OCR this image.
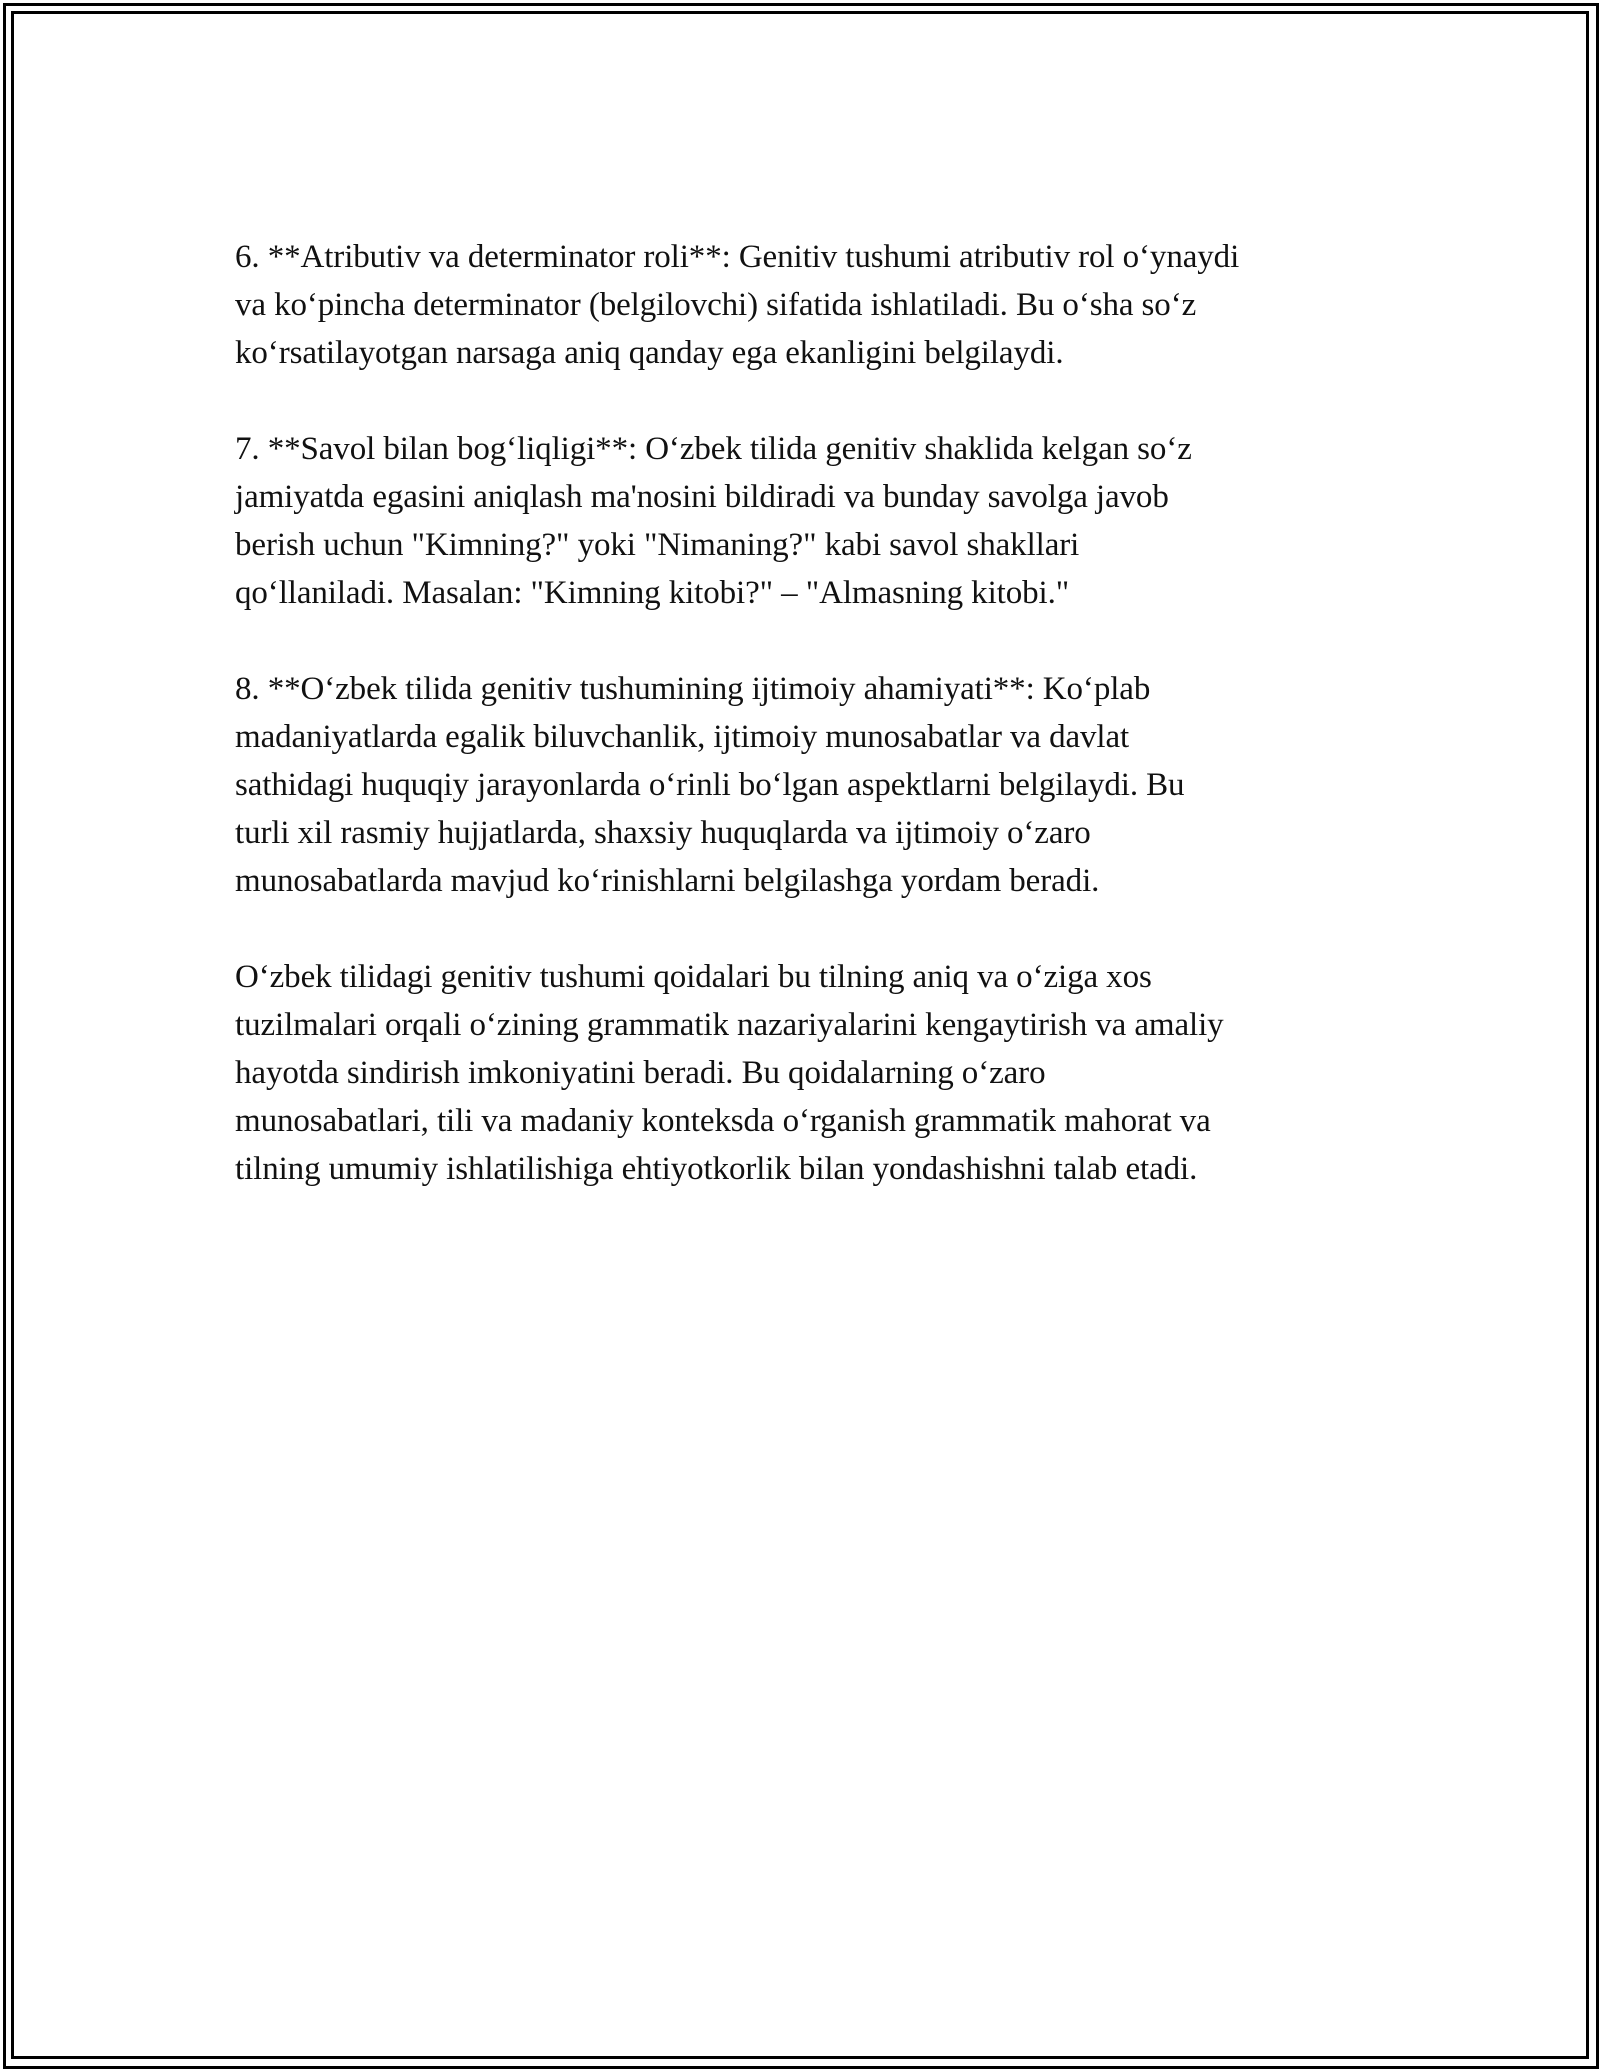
6. **Atributiv va determinator roli**: Genitiv tushumi atributiv rol o‘ynaydi
va ko‘pincha determinator (belgilovchi) sifatida ishlatiladi. Bu o‘sha so‘z
ko‘rsatilayotgan narsaga aniq qanday ega ekanligini belgilaydi.

7. **Savol bilan bog‘liqligi**: O‘zbek tilida genitiv shaklida kelgan so‘z
jamiyatda egasini aniqlash ma'nosini bildiradi va bunday savolga javob
berish uchun "Kimning?" yoki "Nimaning?" kabi savol shakllari
qo‘llaniladi. Masalan: "Kimning kitobi?" – "Almasning kitobi."

8. **O‘zbek tilida genitiv tushumining ijtimoiy ahamiyati**: Ko‘plab
madaniyatlarda egalik biluvchanlik, ijtimoiy munosabatlar va davlat
sathidagi huquqiy jarayonlarda o‘rinli bo‘lgan aspektlarni belgilaydi. Bu
turli xil rasmiy hujjatlarda, shaxsiy huquqlarda va ijtimoiy o‘zaro
munosabatlarda mavjud ko‘rinishlarni belgilashga yordam beradi.

O‘zbek tilidagi genitiv tushumi qoidalari bu tilning aniq va o‘ziga xos
tuzilmalari orqali o‘zining grammatik nazariyalarini kengaytirish va amaliy
hayotda sindirish imkoniyatini beradi. Bu qoidalarning o‘zaro
munosabatlari, tili va madaniy konteksda o‘rganish grammatik mahorat va
tilning umumiy ishlatilishiga ehtiyotkorlik bilan yondashishni talab etadi.
